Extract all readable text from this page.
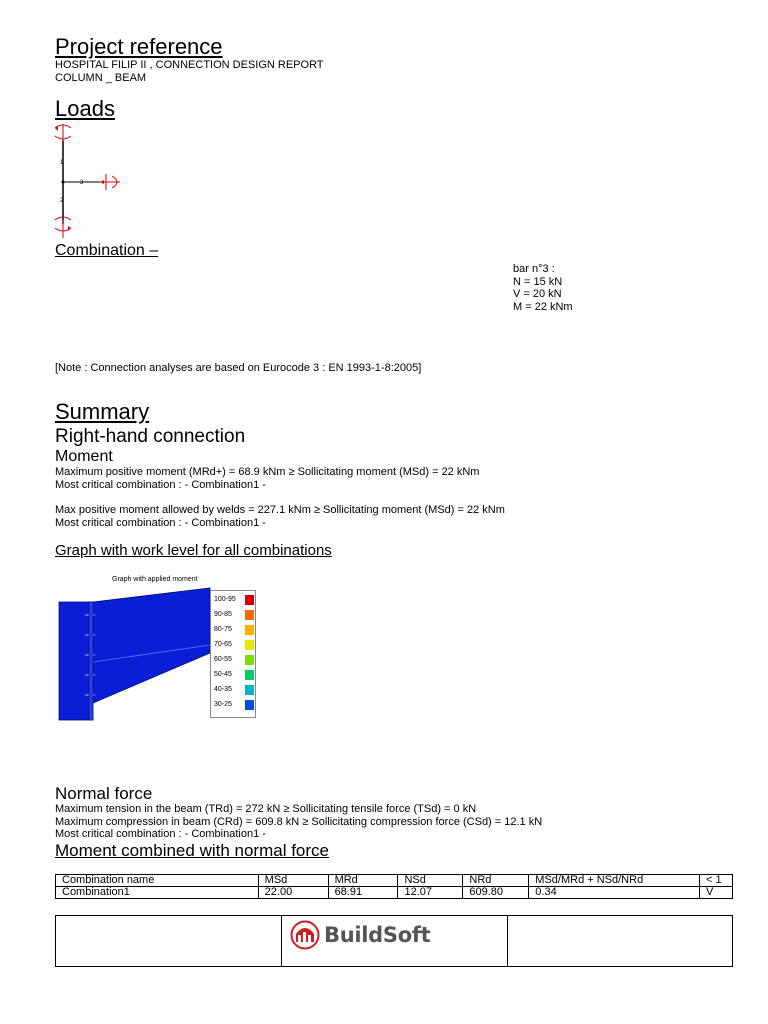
Project reference
HOSPITAL FILIP II , CONNECTION DESIGN REPORT
COLUMN _ BEAM
Loads
1
2
3
Combination –
bar n°3 :
N = 15 kN
V = 20 kN
M = 22 kNm
[Note : Connection analyses are based on Eurocode 3 : EN 1993-1-8:2005]
Summary
Right-hand connection
Moment
Maximum positive moment (MRd+) = 68.9 kNm ≥ Sollicitating moment (MSd) = 22 kNm
Most critical combination : - Combination1 -
Max positive moment allowed by welds = 227.1 kNm ≥ Sollicitating moment (MSd) = 22 kNm
Most critical combination : - Combination1 -
Graph with work level for all combinations
Graph with applied moment
100-95
90-85
80-75
70-65
60-55
50-45
40-35
30-25
Normal force
Maximum tension in the beam (TRd) = 272 kN ≥ Sollicitating tensile force (TSd) = 0 kN
Maximum compression in beam (CRd) = 609.8 kN ≥ Sollicitating compression force (CSd) = 12.1 kN
Most critical combination : - Combination1 -
Moment combined with normal force
Combination name	MSd	MRd	NSd	NRd	MSd/MRd + NSd/NRd	< 1
Combination1	22.00	68.91	12.07	609.80	0.34	V
BuildSoft
